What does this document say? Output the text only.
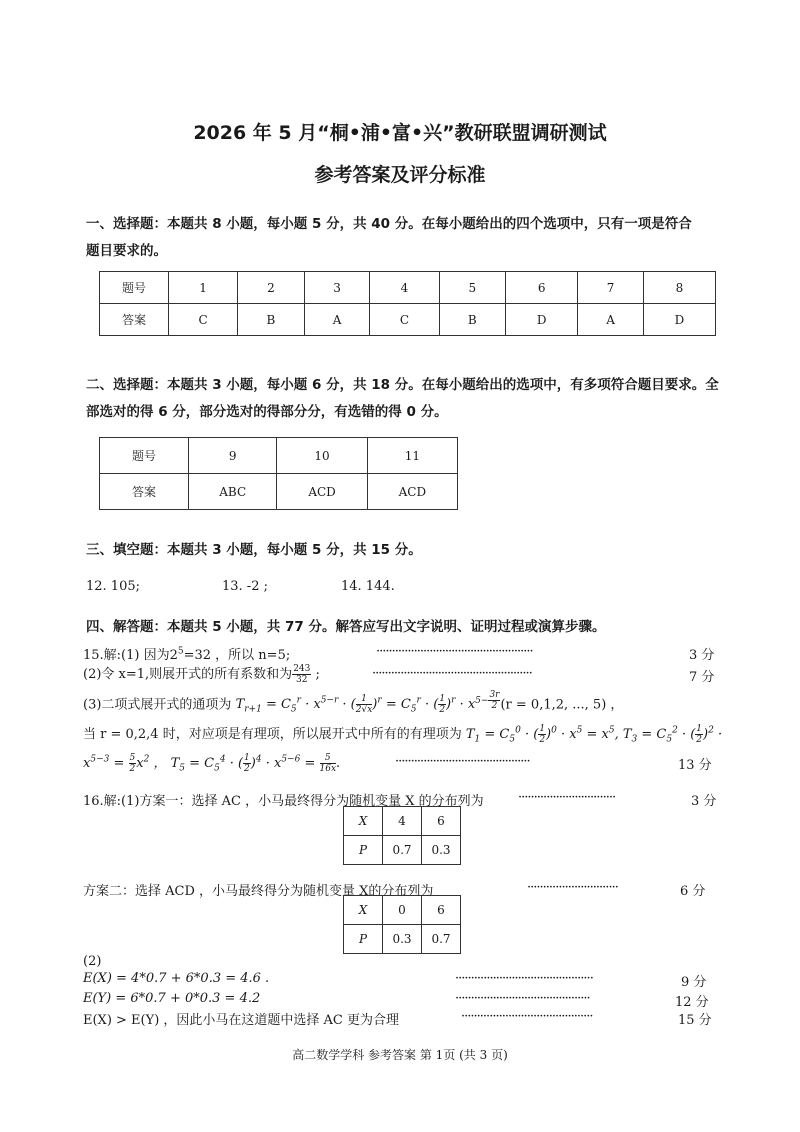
2026 年 5 月“桐•浦•富•兴”教研联盟调研测试
参考答案及评分标准
一、选择题：本题共 8 小题，每小题 5 分，共 40 分。在每小题给出的四个选项中，只有一项是符合
题目要求的。
题号	1	2	3	4	5	6	7	8
答案	C	B	A	C	B	D	A	D
二、选择题：本题共 3 小题，每小题 6 分，共 18 分。在每小题给出的选项中，有多项符合题目要求。全
部选对的得 6 分，部分选对的得部分分，有选错的得 0 分。
题号	9	10	11
答案	ABC	ACD	ACD
三、填空题：本题共 3 小题，每小题 5 分，共 15 分。
12. 105;	13. -2 ;	14. 144.
四、解答题：本题共 5 小题，共 77 分。解答应写出文字说明、证明过程或演算步骤。
15.解:(1) 因为$2^5=32$ ，所以 n=5;	··················································	3 分
(2)令 x=1,则展开式的所有系数和为 $\frac{243}{32}$ ;	···················································	7 分
(3)二项式展开式的通项为 $T_{r+1} = C_5^r \cdot x^{5-r}$ · ( $\frac{1}{2√x} )^r = C_5^r$ · ( $\frac{1}{2} )^r \cdot x^{5- \frac{3r}{2}}$ (r = 0,1,2, ..., 5) ，
当 r = 0,2,4 时，对应项是有理项，所以展开式中所有的有理项为 $T_1 = C_5^0$ · ( $\frac{1}{2} )^0 \cdot x^5 = x^5$, $T_3 = C_5^2$ · ( $\frac{1}{2} )^2$ ·
$x^{5-3} = \frac{5}{2} x^2$ ， $T_5 = C_5^4$ · ( $\frac{1}{2} )^4 \cdot x^{5-6} = \frac{5}{16x}$ .	···········································	13 分
16.解:(1)方案一：选择 AC ，小马最终得分为随机变量 X 的分布列为	·······························	3 分
X	4	6
P	0.7	0.3
方案二：选择 ACD ，小马最终得分为随机变量 X的分布列为	·····························	6 分
X	0	6
P	0.3	0.7
(2)
E(X) = 4*0.7 + 6*0.3 = 4.6 .	············································	9 分
E(Y) = 6*0.7 + 0*0.3 = 4.2	···········································	12 分
E(X) > E(Y) ，因此小马在这道题中选择 AC 更为合理	··········································	15 分
高二数学学科 参考答案 第 1页 (共 3 页)
